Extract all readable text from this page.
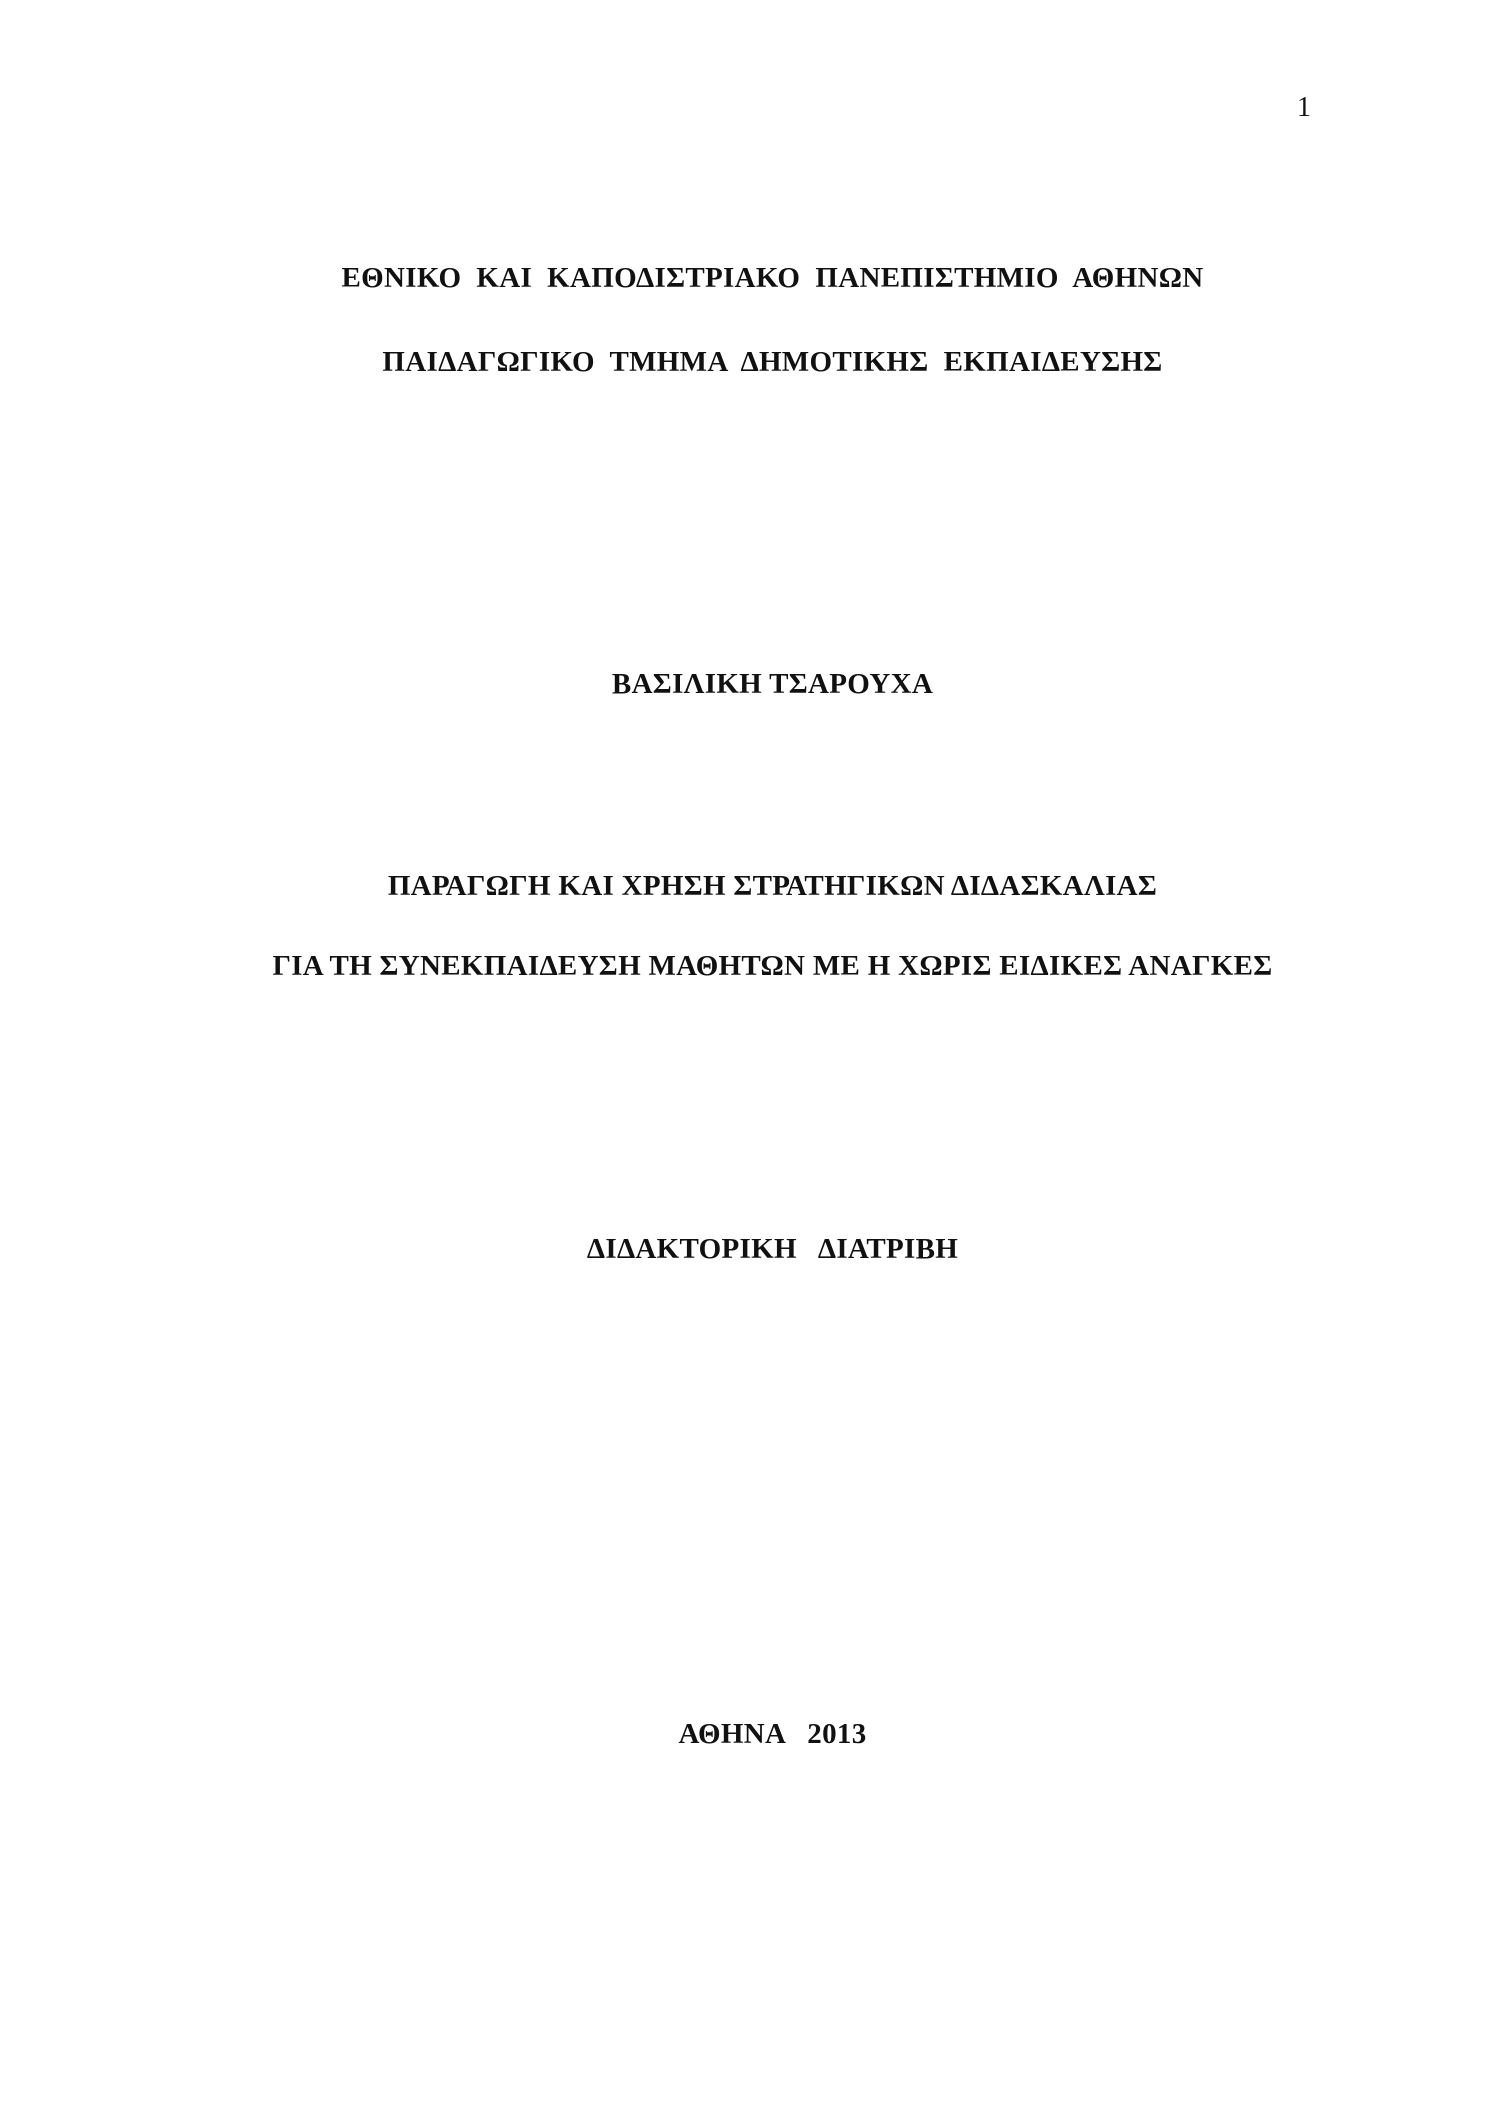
1
ΕΘΝΙΚΟ  ΚΑΙ  ΚΑΠΟΔΙΣΤΡΙΑΚΟ  ΠΑΝΕΠΙΣΤΗΜΙΟ  ΑΘΗΝΩΝ
ΠΑΙΔΑΓΩΓΙΚΟ  ΤΜΗΜΑ  ΔΗΜΟΤΙΚΗΣ  ΕΚΠΑΙΔΕΥΣΗΣ
ΒΑΣΙΛΙΚΗ ΤΣΑΡΟΥΧΑ
ΠΑΡΑΓΩΓΗ ΚΑΙ ΧΡΗΣΗ ΣΤΡΑΤΗΓΙΚΩΝ ΔΙΔΑΣΚΑΛΙΑΣ
ΓΙΑ ΤΗ ΣΥΝΕΚΠΑΙΔΕΥΣΗ ΜΑΘΗΤΩΝ ΜΕ Η ΧΩΡΙΣ ΕΙΔΙΚΕΣ ΑΝΑΓΚΕΣ
ΔΙΔΑΚΤΟΡΙΚΗ   ΔΙΑΤΡΙΒΗ
ΑΘΗΝΑ   2013
